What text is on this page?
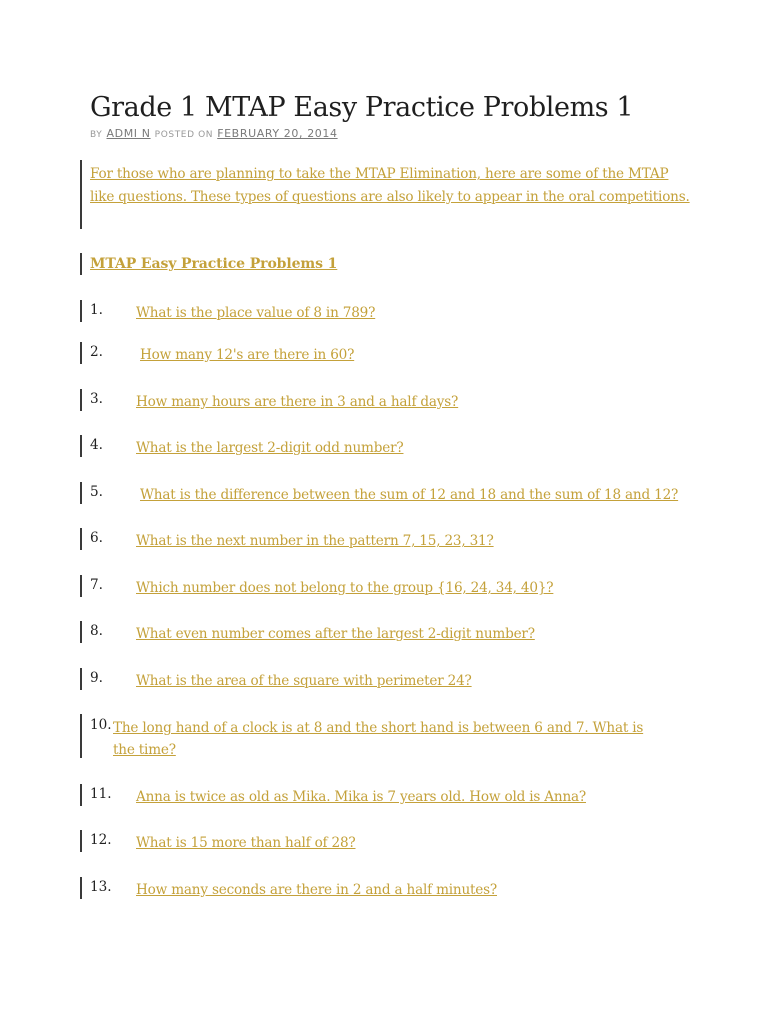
Grade 1 MTAP Easy Practice Problems 1
BY ADMI N POSTED ON FEBRUARY 20, 2014

For those who are planning to take the MTAP Elimination, here are some of the MTAP like questions. These types of questions are also likely to appear in the oral competitions.

MTAP Easy Practice Problems 1

1. What is the place value of 8 in 789?
2.	How many 12's are there in 60?
3. How many hours are there in 3 and a half days?
4. What is the largest 2-digit odd number?
5.	What is the difference between the sum of 12 and 18 and the sum of 18 and 12?
6. What is the next number in the pattern 7, 15, 23, 31?
7. Which number does not belong to the group {16, 24, 34, 40}?
8. What even number comes after the largest 2-digit number?
9. What is the area of the square with perimeter 24?
10. The long hand of a clock is at 8 and the short hand is between 6 and 7. What is the time?
11. Anna is twice as old as Mika. Mika is 7 years old. How old is Anna?
12. What is 15 more than half of 28?
13. How many seconds are there in 2 and a half minutes?
